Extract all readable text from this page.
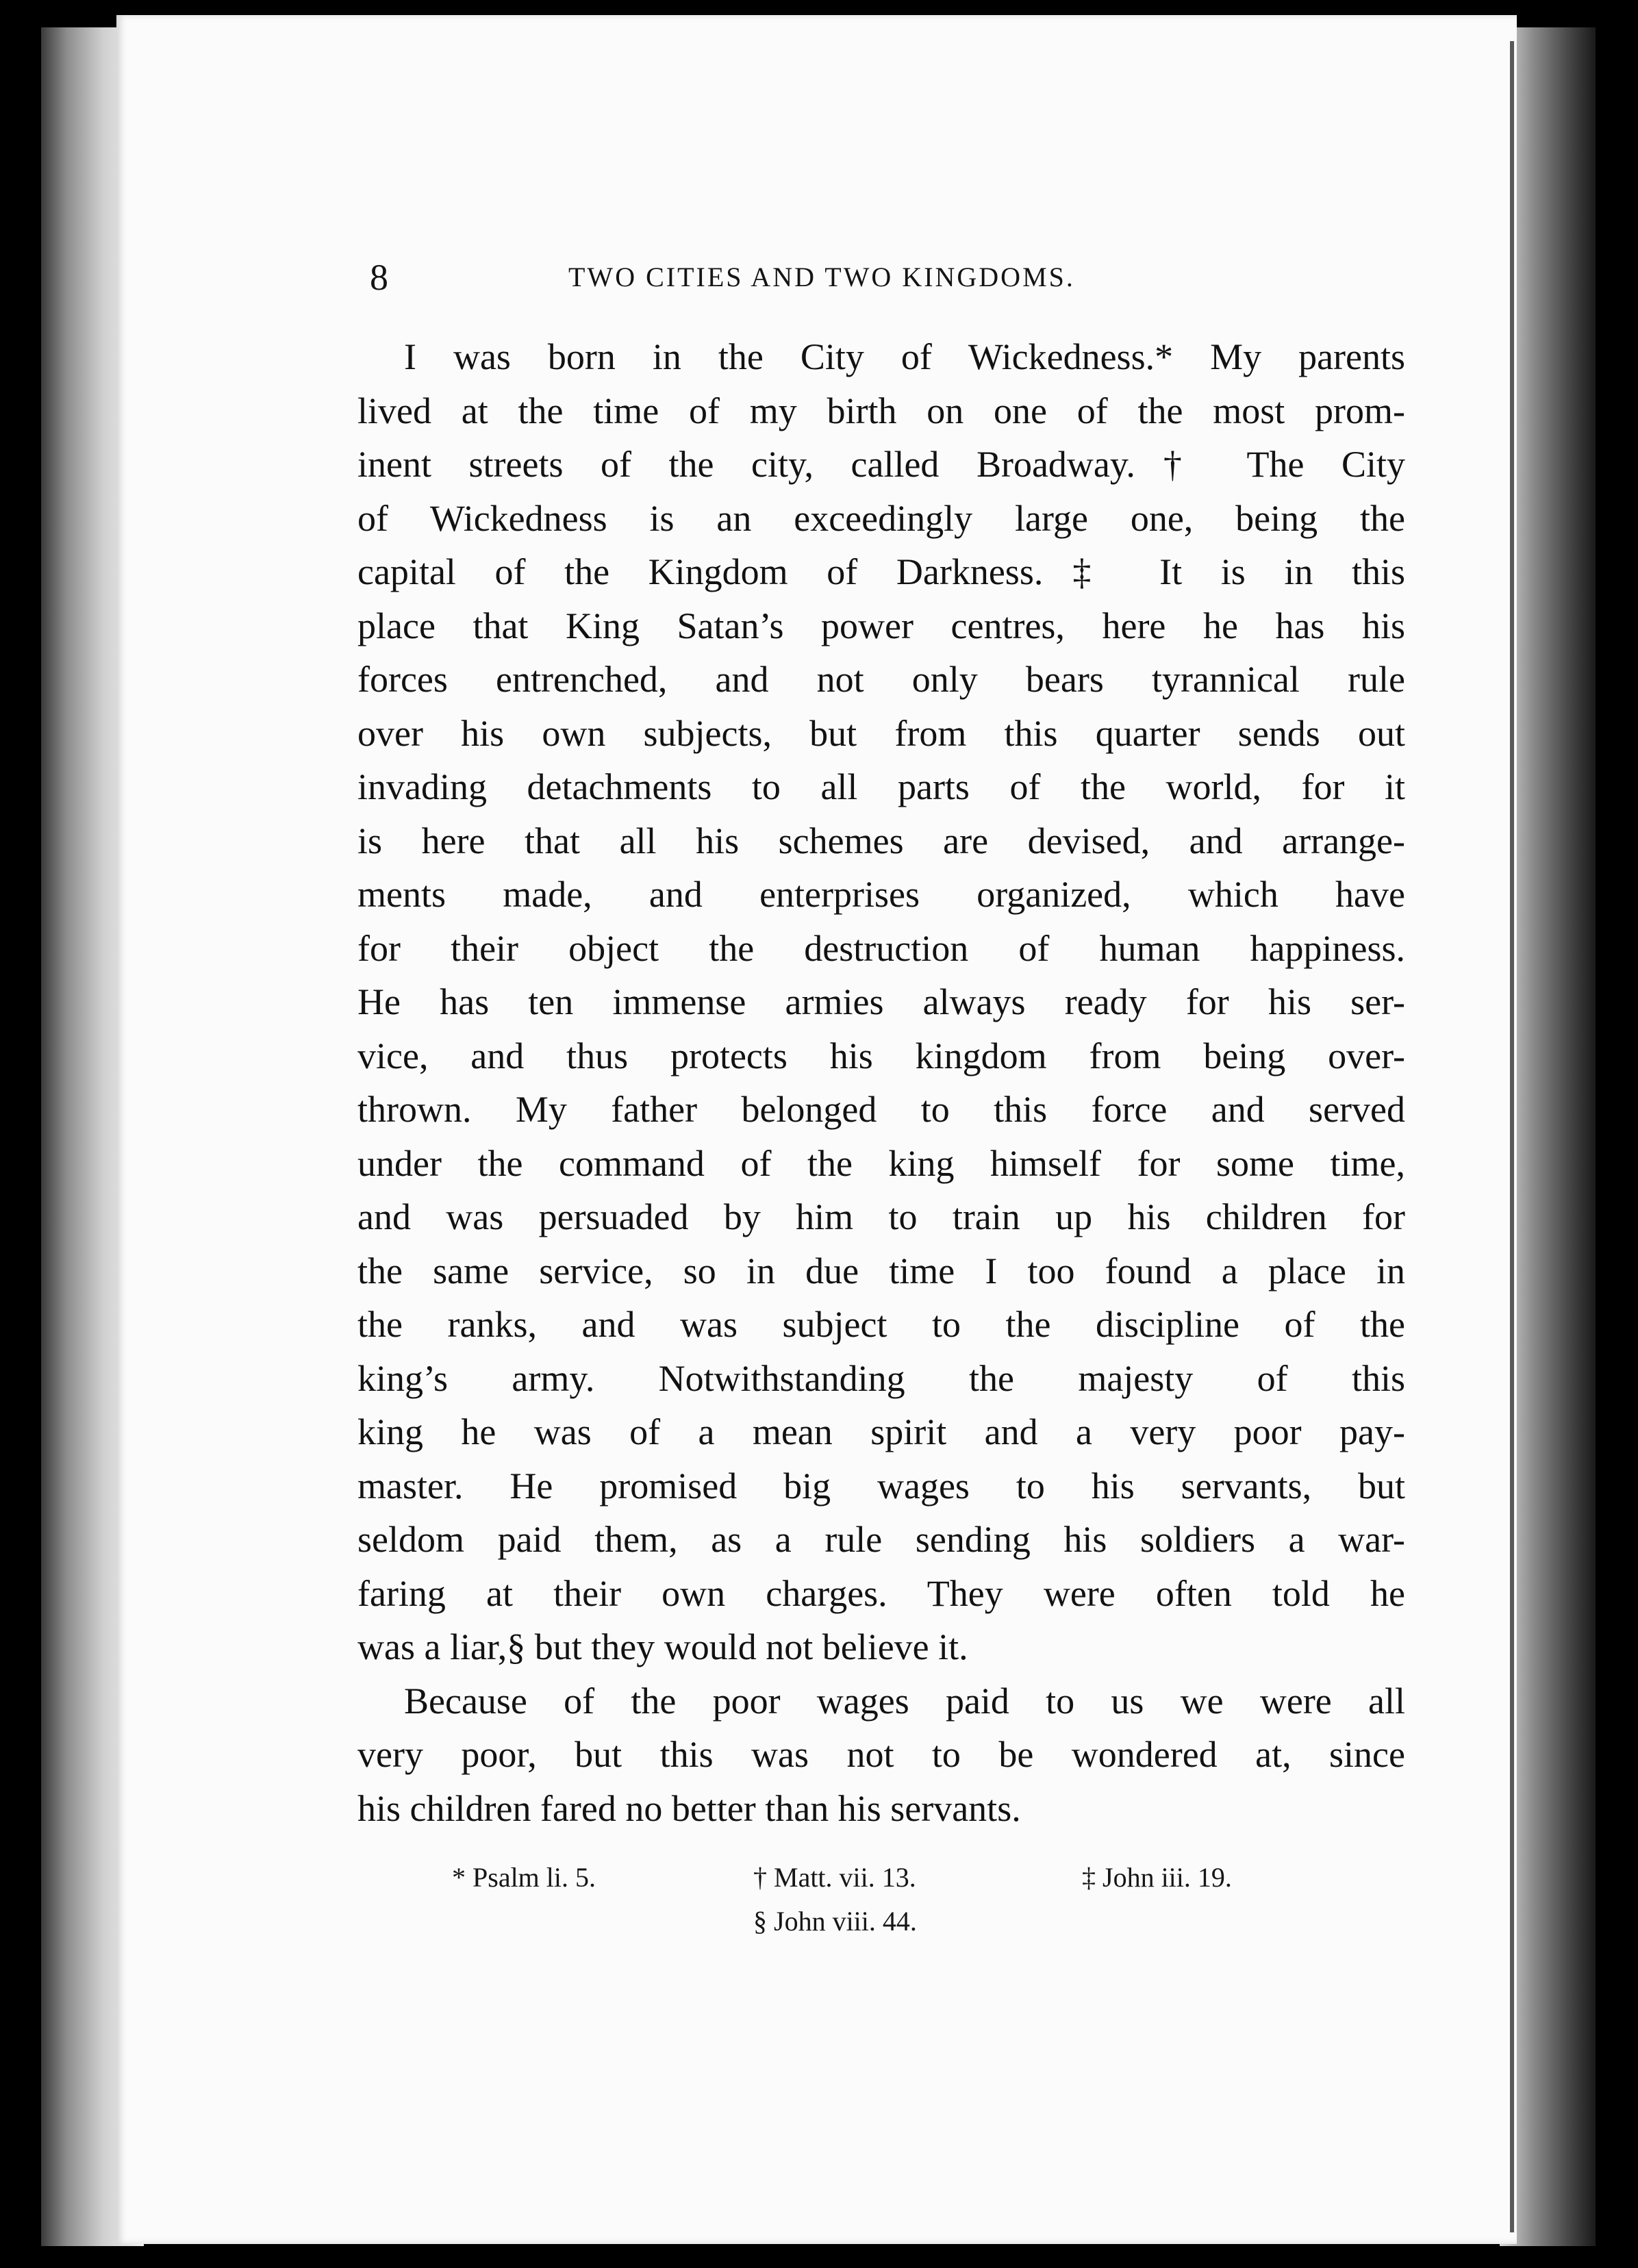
8	TWO CITIES AND TWO KINGDOMS.
I was born in the City of Wickedness.* My parents
lived at the time of my birth on one of the most prom-
inent streets of the city, called Broadway.† The City
of Wickedness is an exceedingly large one, being the
capital of the Kingdom of Darkness.‡ It is in this
place that King Satan’s power centres, here he has his
forces entrenched, and not only bears tyrannical rule
over his own subjects, but from this quarter sends out
invading detachments to all parts of the world, for it
is here that all his schemes are devised, and arrange-
ments made, and enterprises organized, which have
for their object the destruction of human happiness.
He has ten immense armies always ready for his ser-
vice, and thus protects his kingdom from being over-
thrown. My father belonged to this force and served
under the command of the king himself for some time,
and was persuaded by him to train up his children for
the same service, so in due time I too found a place in
the ranks, and was subject to the discipline of the
king’s army. Notwithstanding the majesty of this
king he was of a mean spirit and a very poor pay-
master. He promised big wages to his servants, but
seldom paid them, as a rule sending his soldiers a war-
faring at their own charges. They were often told he
was a liar,§ but they would not believe it.
Because of the poor wages paid to us we were all
very poor, but this was not to be wondered at, since
his children fared no better than his servants.
* Psalm li. 5.	† Matt. vii. 13.	‡ John iii. 19.
§ John viii. 44.
